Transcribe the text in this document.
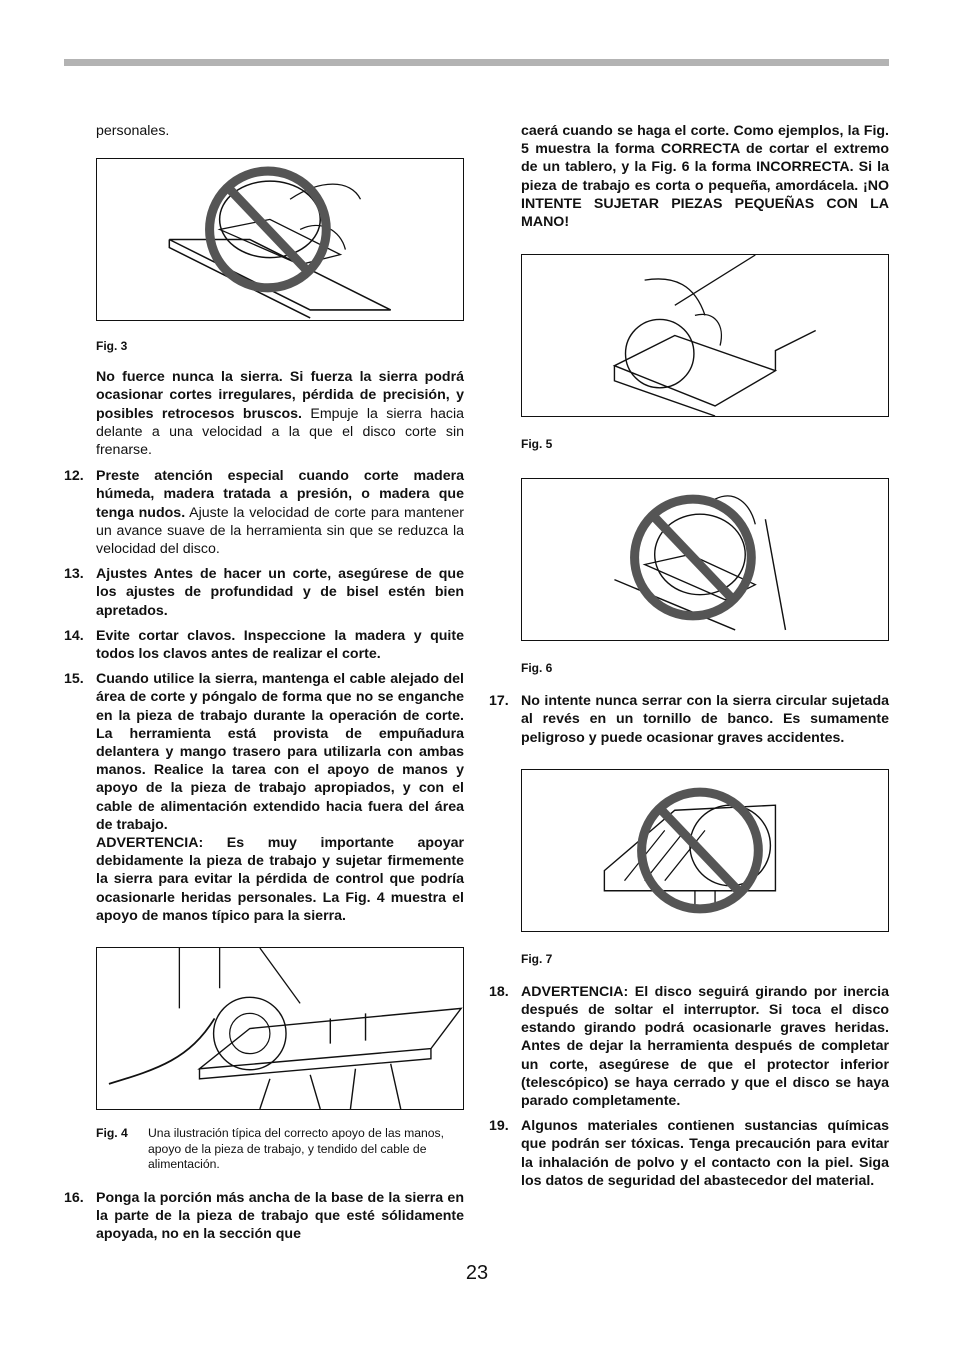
personales.

Fig. 3

No fuerce nunca la sierra. Si fuerza la sierra podrá ocasionar cortes irregulares, pérdida de precisión, y posibles retrocesos bruscos. Empuje la sierra hacia delante a una velocidad a la que el disco corte sin frenarse.

12. Preste atención especial cuando corte madera húmeda, madera tratada a presión, o madera que tenga nudos. Ajuste la velocidad de corte para mantener un avance suave de la herramienta sin que se reduzca la velocidad del disco.
13. Ajustes Antes de hacer un corte, asegúrese de que los ajustes de profundidad y de bisel estén bien apretados.
14. Evite cortar clavos. Inspeccione la madera y quite todos los clavos antes de realizar el corte.
15. Cuando utilice la sierra, mantenga el cable alejado del área de corte y póngalo de forma que no se enganche en la pieza de trabajo durante la operación de corte. La herramienta está provista de empuñadura delantera y mango trasero para utilizarla con ambas manos. Realice la tarea con el apoyo de manos y apoyo de la pieza de trabajo apropiados, y con el cable de alimentación extendido hacia fuera del área de trabajo.
ADVERTENCIA: Es muy importante apoyar debidamente la pieza de trabajo y sujetar firmemente la sierra para evitar la pérdida de control que podría ocasionarle heridas personales. La Fig. 4 muestra el apoyo de manos típico para la sierra.
Fig. 4	Una ilustración típica del correcto apoyo de las manos, apoyo de la pieza de trabajo, y tendido del cable de alimentación.
16. Ponga la porción más ancha de la base de la sierra en la parte de la pieza de trabajo que esté sólidamente apoyada, no en la sección que

caerá cuando se haga el corte. Como ejemplos, la Fig. 5 muestra la forma CORRECTA de cortar el extremo de un tablero, y la Fig. 6 la forma INCORRECTA. Si la pieza de trabajo es corta o pequeña, amordácela. ¡NO INTENTE SUJETAR PIEZAS PEQUEÑAS CON LA MANO!

Fig. 5
Fig. 6
17. No intente nunca serrar con la sierra circular sujetada al revés en un tornillo de banco. Es sumamente peligroso y puede ocasionar graves accidentes.
Fig. 7
18. ADVERTENCIA: El disco seguirá girando por inercia después de soltar el interruptor. Si toca el disco estando girando podrá ocasionarle graves heridas. Antes de dejar la herramienta después de completar un corte, asegúrese de que el protector inferior (telescópico) se haya cerrado y que el disco se haya parado completamente.
19. Algunos materiales contienen sustancias químicas que podrán ser tóxicas. Tenga precaución para evitar la inhalación de polvo y el contacto con la piel. Siga los datos de seguridad del abastecedor del material.
23
